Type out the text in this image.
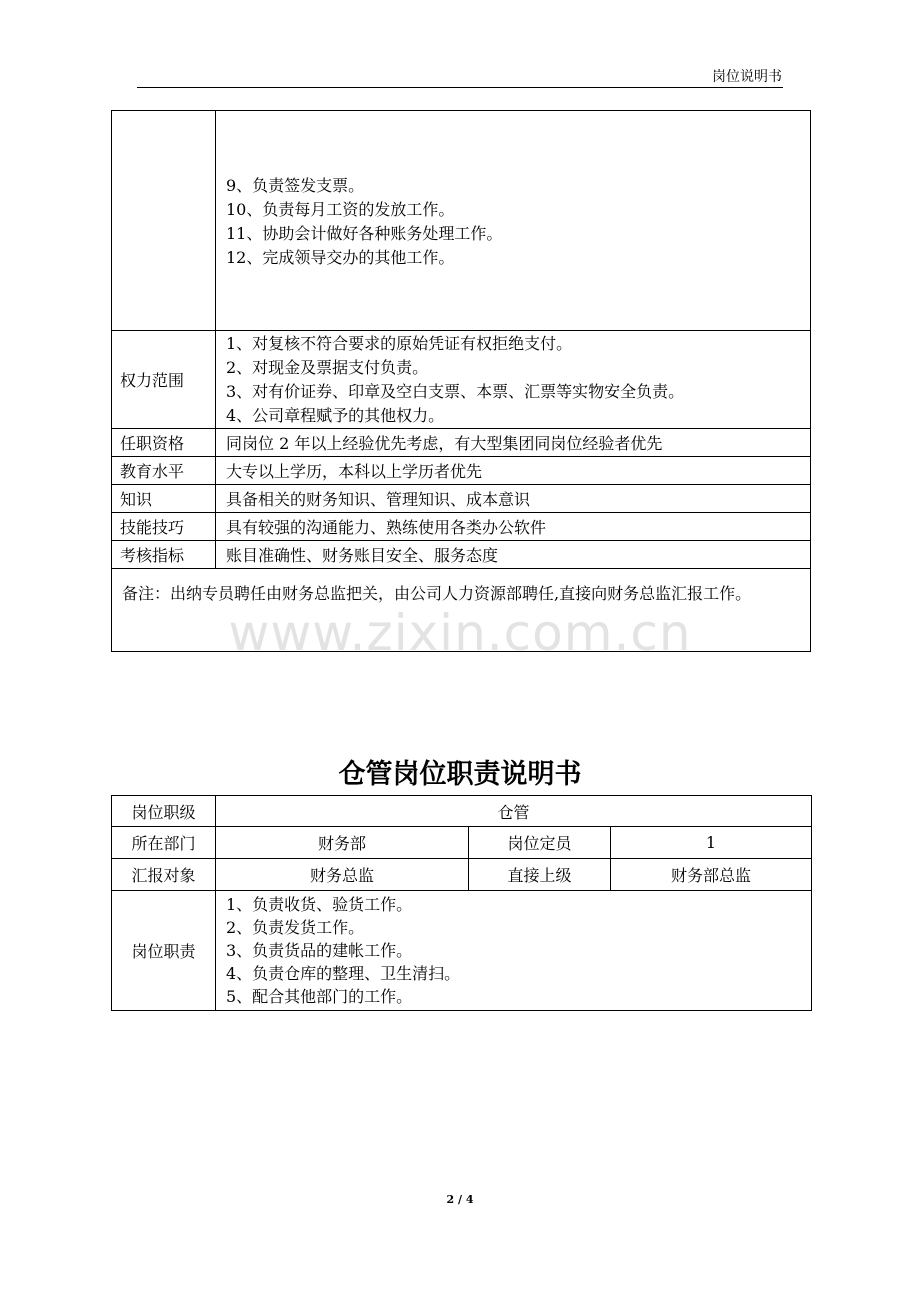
岗位说明书

	9、负责签发支票。
10、负责每月工资的发放工作。
11、协助会计做好各种账务处理工作。
12、完成领导交办的其他工作。

权力范围	1、对复核不符合要求的原始凭证有权拒绝支付。
2、对现金及票据支付负责。
3、对有价证券、印章及空白支票、本票、汇票等实物安全负责。
4、公司章程赋予的其他权力。

任职资格	同岗位 2 年以上经验优先考虑，有大型集团同岗位经验者优先
教育水平	大专以上学历，本科以上学历者优先
知识	具备相关的财务知识、管理知识、成本意识
技能技巧	具有较强的沟通能力、熟练使用各类办公软件
考核指标	账目准确性、财务账目安全、服务态度
备注：出纳专员聘任由财务总监把关，由公司人力资源部聘任,直接向财务总监汇报工作。	
www.zixin.com.cn
仓管岗位职责说明书
岗位职级	仓管		
所在部门	财务部	岗位定员	1
汇报对象	财务总监	直接上级	财务部总监
岗位职责	1、负责收货、验货工作。
2、负责发货工作。
3、负责货品的建帐工作。
4、负责仓库的整理、卫生清扫。
5、配合其他部门的工作。		
2 / 4
